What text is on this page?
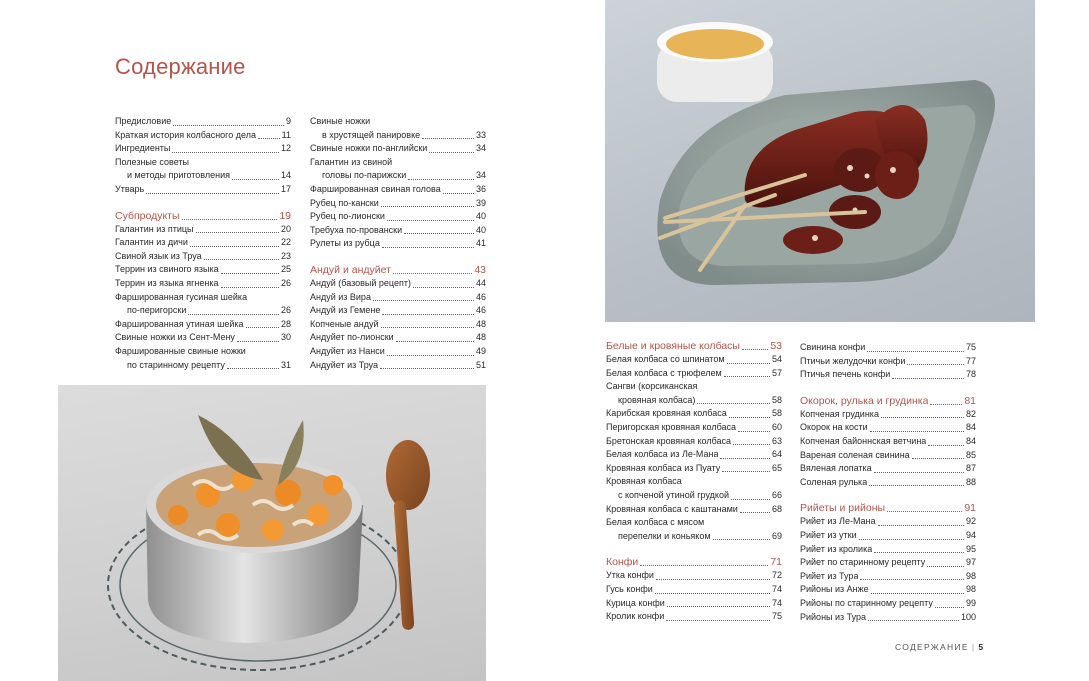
Содержание
Предисловие	9
Краткая история колбасного дела	11
Ингредиенты	12
Полезные советы
и методы приготовления	14
Утварь	17
Субпродукты	19
Галантин из птицы	20
Галантин из дичи	22
Свиной язык из Труа	23
Террин из свиного языка	25
Террин из языка ягненка	26
Фаршированная гусиная шейка
по-перигорски	26
Фаршированная утиная шейка	28
Свиные ножки из Сент-Мену	30
Фаршированные свиные ножки
по старинному рецепту	31
Свиные ножки
в хрустящей панировке	33
Свиные ножки по-английски	34
Галантин из свиной
головы по-парижски	34
Фаршированная свиная голова	36
Рубец по-кански	39
Рубец по-лионски	40
Требуха по-провански	40
Рулеты из рубца	41
Андуй и андуйет	43
Андуй (базовый рецепт)	44
Андуй из Вира	46
Андуй из Гемене	46
Копченые андуй	48
Андуйет по-лионски	48
Андуйет из Нанси	49
Андуйет из Труа	51
Белые и кровяные колбасы	53
Белая колбаса со шпинатом	54
Белая колбаса с трюфелем	57
Сангви (корсиканская
кровяная колбаса)	58
Карибская кровяная колбаса	58
Перигорская кровяная колбаса	60
Бретонская кровяная колбаса	63
Белая колбаса из Ле-Мана	64
Кровяная колбаса из Пуату	65
Кровяная колбаса
с копченой утиной грудкой	66
Кровяная колбаса с каштанами	68
Белая колбаса с мясом
перепелки и коньяком	69
Конфи	71
Утка конфи	72
Гусь конфи	74
Курица конфи	74
Кролик конфи	75
Свинина конфи	75
Птичьи желудочки конфи	77
Птичья печень конфи	78
Окорок, рулька и грудинка	81
Копченая грудинка	82
Окорок на кости	84
Копченая байоннская ветчина	84
Вареная соленая свинина	85
Вяленая лопатка	87
Соленая рулька	88
Рийеты и рийоны	91
Рийет из Ле-Мана	92
Рийет из утки	94
Рийет из кролика	95
Рийет по старинному рецепту	97
Рийет из Тура	98
Рийоны из Анже	98
Рийоны по старинному рецепту	99
Рийоны из Тура	100
СОДЕРЖАНИЕ | 5
